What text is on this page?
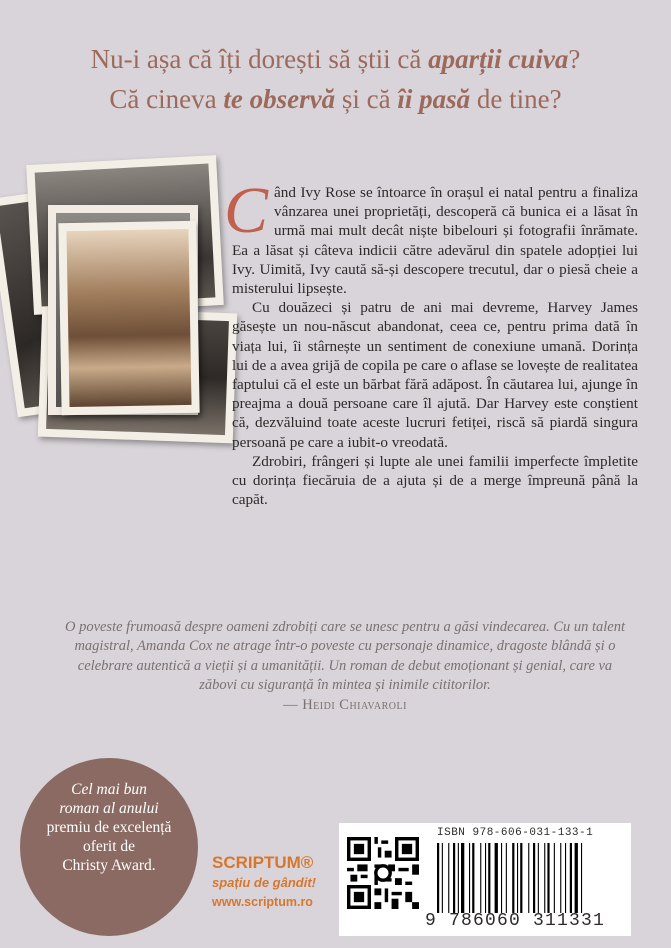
Nu-i așa că îți dorești să știi că aparții cuiva?
Că cineva te observă și că îi pasă de tine?

Când Ivy Rose se întoarce în orașul ei natal pentru a finaliza vânzarea unei proprietăți, descoperă că bunica ei a lăsat în urmă mai mult decât niște bibelouri și fotografii înrămate. Ea a lăsat și câteva indicii către adevărul din spatele adopției lui Ivy. Uimită, Ivy caută să-și descopere trecutul, dar o piesă cheie a misterului lipsește.

Cu douăzeci și patru de ani mai devreme, Harvey James găsește un nou-născut abandonat, ceea ce, pentru prima dată în viața lui, îi stârnește un sentiment de conexiune umană. Dorința lui de a avea grijă de copila pe care o aflase se lovește de realitatea faptului că el este un bărbat fără adăpost. În căutarea lui, ajunge în preajma a două persoane care îl ajută. Dar Harvey este conștient că, dezvăluind toate aceste lucruri fetiței, riscă să piardă singura persoană pe care a iubit-o vreodată.

Zdrobiri, frângeri și lupte ale unei familii imperfecte împletite cu dorința fiecăruia de a ajuta și de a merge împreună până la capăt.

O poveste frumoasă despre oameni zdrobiți care se unesc pentru a găsi vindecarea. Cu un talent magistral, Amanda Cox ne atrage într-o poveste cu personaje dinamice, dragoste blândă și o celebrare autentică a vieții și a umanității. Un roman de debut emoționant și genial, care va zăbovi cu siguranță în mintea și inimile cititorilor.
— Heidi Chiavaroli
Cel mai bun
roman al anului
premiu de excelență
oferit de
Christy Award.	SCRIPTUM®
spațiu de gândit!
www.scriptum.ro
ISBN 978-606-031-133-1
9 786060 311331
